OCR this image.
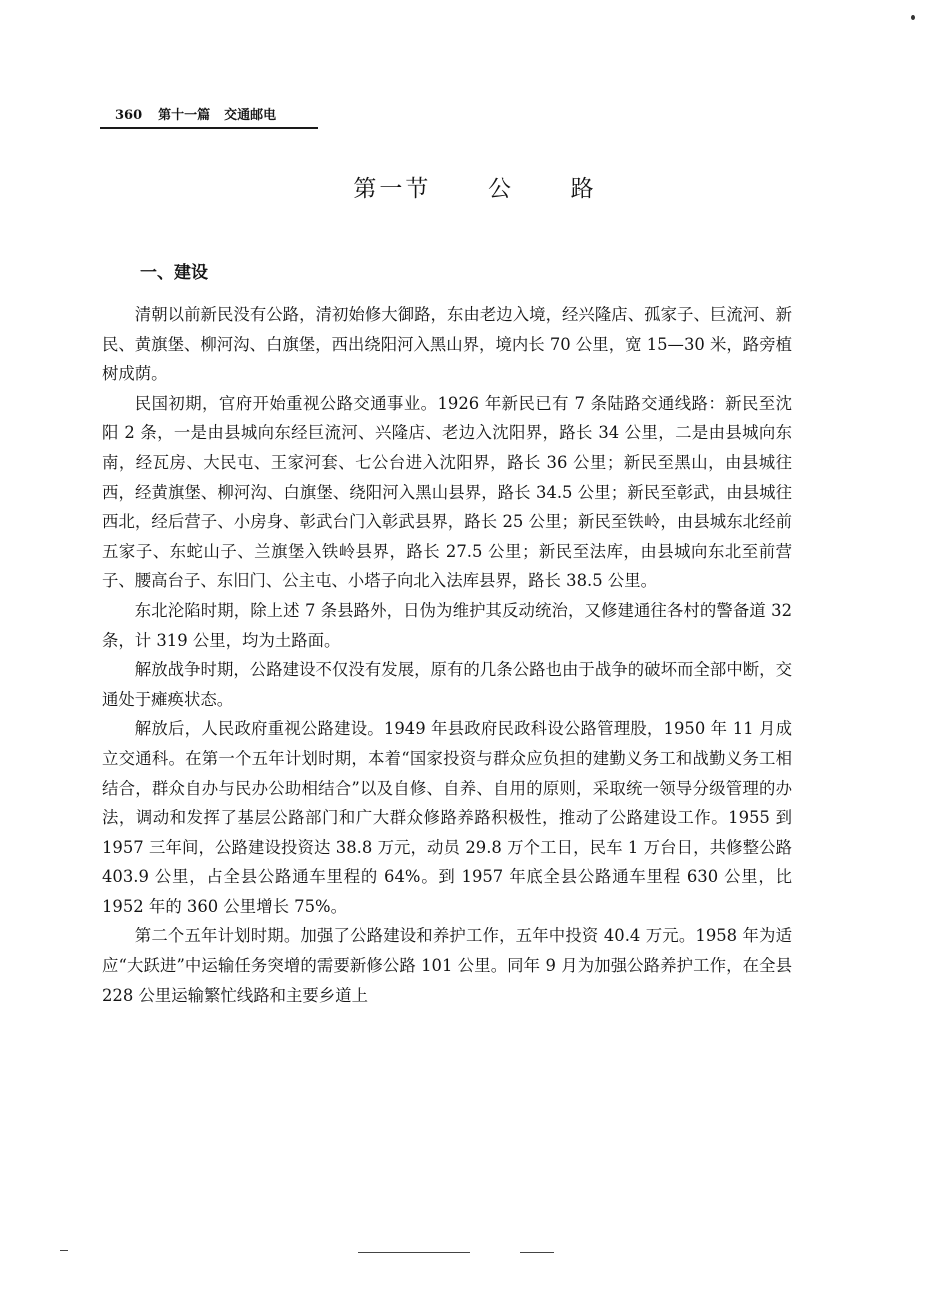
360 第十一篇 交通邮电
第一节  公  路
一、建设

清朝以前新民没有公路，清初始修大御路，东由老边入境，经兴隆店、孤家子、巨流河、新民、黄旗堡、柳河沟、白旗堡，西出绕阳河入黑山界，境内长 70 公里，宽 15—30 米，路旁植树成荫。

民国初期，官府开始重视公路交通事业。1926 年新民已有 7 条陆路交通线路：新民至沈阳 2 条，一是由县城向东经巨流河、兴隆店、老边入沈阳界，路长 34 公里，二是由县城向东南，经瓦房、大民屯、王家河套、七公台进入沈阳界，路长 36 公里；新民至黑山，由县城往西，经黄旗堡、柳河沟、白旗堡、绕阳河入黑山县界，路长 34.5 公里；新民至彰武，由县城往西北，经后营子、小房身、彰武台门入彰武县界，路长 25 公里；新民至铁岭，由县城东北经前五家子、东蛇山子、兰旗堡入铁岭县界，路长 27.5 公里；新民至法库，由县城向东北至前营子、腰高台子、东旧门、公主屯、小塔子向北入法库县界，路长 38.5 公里。

东北沦陷时期，除上述 7 条县路外，日伪为维护其反动统治，又修建通往各村的警备道 32 条，计 319 公里，均为土路面。

解放战争时期，公路建设不仅没有发展，原有的几条公路也由于战争的破坏而全部中断，交通处于瘫痪状态。

解放后，人民政府重视公路建设。1949 年县政府民政科设公路管理股，1950 年 11 月成立交通科。在第一个五年计划时期，本着“国家投资与群众应负担的建勤义务工和战勤义务工相结合，群众自办与民办公助相结合”以及自修、自养、自用的原则，采取统一领导分级管理的办法，调动和发挥了基层公路部门和广大群众修路养路积极性，推动了公路建设工作。1955 到 1957 三年间，公路建设投资达 38.8 万元，动员 29.8 万个工日，民车 1 万台日，共修整公路 403.9 公里，占全县公路通车里程的 64%。到 1957 年底全县公路通车里程 630 公里，比 1952 年的 360 公里增长 75%。

第二个五年计划时期。加强了公路建设和养护工作，五年中投资 40.4 万元。1958 年为适应“大跃进”中运输任务突增的需要新修公路 101 公里。同年 9 月为加强公路养护工作，在全县 228 公里运输繁忙线路和主要乡道上
